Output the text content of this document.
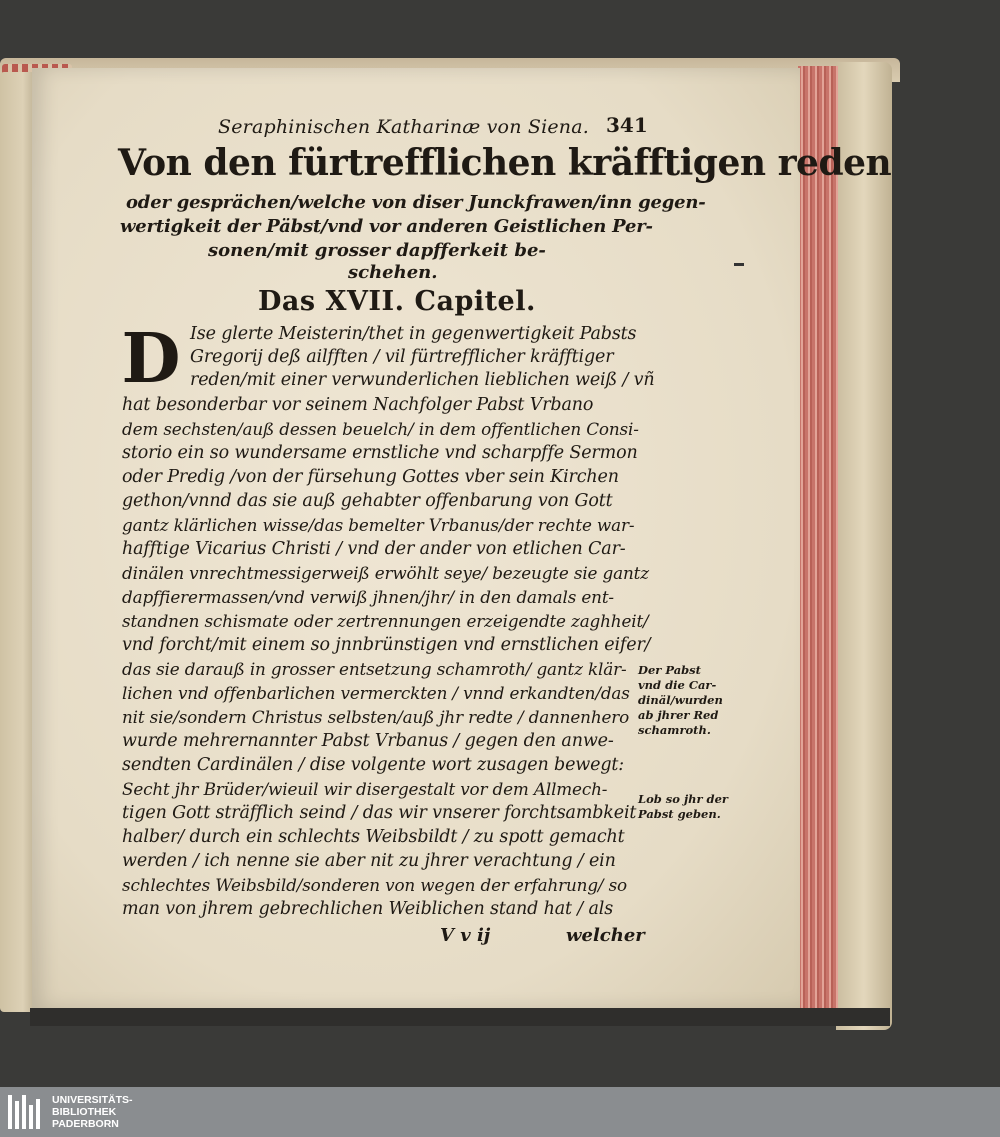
Seraphinischen Katharinæ von Siena. 341
Von den fürtrefflichen kräfftigen reden
oder gesprächen/welche von diser Junckfrawen/inn gegen-
wertigkeit der Päbst/vnd vor anderen Geistlichen Per-
sonen/mit grosser dapfferkeit be-
schehen.
Das XVII. Capitel.
D Ise glerte Meisterin/thet in gegenwertigkeit Pabsts
Gregorij deß ailfften / vil fürtrefflicher kräfftiger
reden/mit einer verwunderlichen lieblichen weiß / vñ
hat besonderbar vor seinem Nachfolger Pabst Vrbano
dem sechsten/auß dessen beuelch/ in dem offentlichen Consi-
storio ein so wundersame ernstliche vnd scharpffe Sermon
oder Predig /von der fürsehung Gottes vber sein Kirchen
gethon/vnnd das sie auß gehabter offenbarung von Gott
gantz klärlichen wisse/das bemelter Vrbanus/der rechte war-
hafftige Vicarius Christi / vnd der ander von etlichen Car-
dinälen vnrechtmessigerweiß erwöhlt seye/ bezeugte sie gantz
dapffierermassen/vnd verwiß jhnen/jhr/ in den damals ent-
standnen schismate oder zertrennungen erzeigendte zaghheit/
vnd forcht/mit einem so jnnbrünstigen vnd ernstlichen eifer/
das sie darauß in grosser entsetzung schamroth/ gantz klär-
lichen vnd offenbarlichen vermerckten / vnnd erkandten/das
nit sie/sondern Christus selbsten/auß jhr redte / dannenhero
wurde mehrernannter Pabst Vrbanus / gegen den anwe-
sendten Cardinälen / dise volgente wort zusagen bewegt:
Secht jhr Brüder/wieuil wir disergestalt vor dem Allmech-
tigen Gott sträfflich seind / das wir vnserer forchtsambkeit
halber/ durch ein schlechts Weibsbildt / zu spott gemacht
werden / ich nenne sie aber nit zu jhrer verachtung / ein
schlechtes Weibsbild/sonderen von wegen der erfahrung/ so
man von jhrem gebrechlichen Weiblichen stand hat / als
V v ij	welcher
Der Pabst
vnd die Car-
dinäl/wurden
ab jhrer Red
schamroth.
Lob so jhr der
Pabst geben.
UNIVERSITÄTS-
BIBLIOTHEK
PADERBORN
